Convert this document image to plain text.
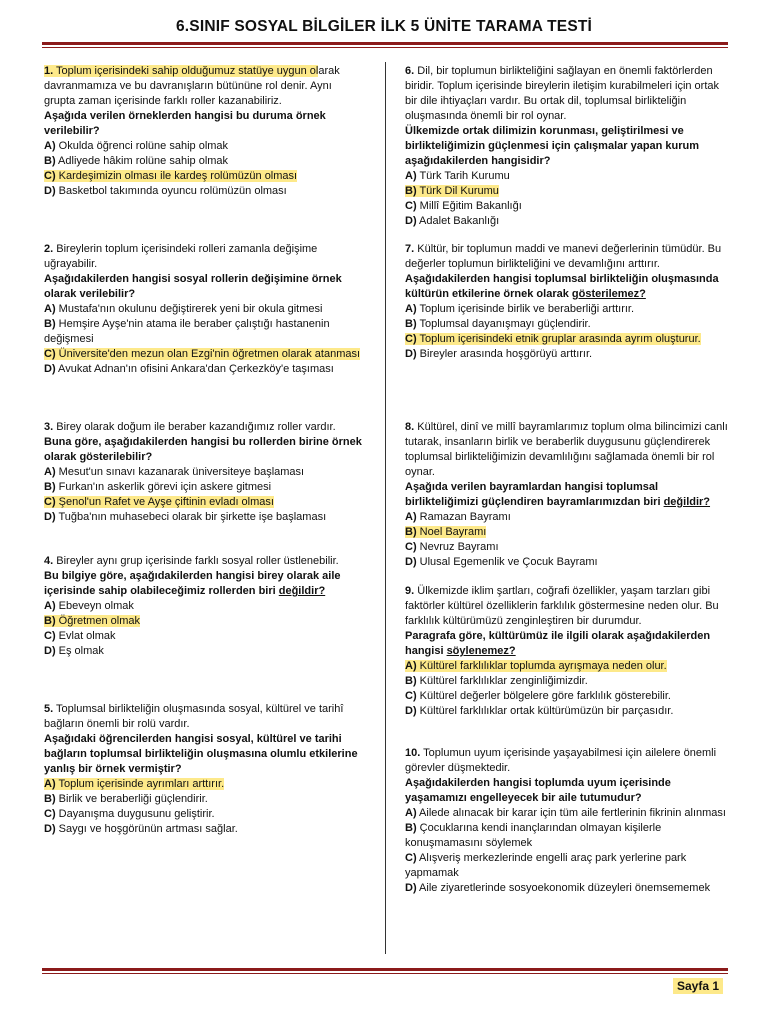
6.SINIF SOSYAL BİLGİLER İLK 5 ÜNİTE TARAMA TESTİ

1. Toplum içerisindeki sahip olduğumuz statüye uygun olarak davranmamıza ve bu davranışların bütününe rol denir. Aynı grupta zaman içerisinde farklı roller kazanabiliriz.

Aşağıda verilen örneklerden hangisi bu duruma örnek verilebilir?

A) Okulda öğrenci rolüne sahip olmak

B) Adliyede hâkim rolüne sahip olmak

C) Kardeşimizin olması ile kardeş rolümüzün olması

D) Basketbol takımında oyuncu rolümüzün olması

2. Bireylerin toplum içerisindeki rolleri zamanla değişime uğrayabilir.

Aşağıdakilerden hangisi sosyal rollerin değişimine örnek olarak verilebilir?

A) Mustafa'nın okulunu değiştirerek yeni bir okula gitmesi

B) Hemşire Ayşe'nin atama ile beraber çalıştığı hastanenin değişmesi

C) Üniversite'den mezun olan Ezgi'nin öğretmen olarak atanması

D) Avukat Adnan'ın ofisini Ankara'dan Çerkezköy'e taşıması

3. Birey olarak doğum ile beraber kazandığımız roller vardır.

Buna göre, aşağıdakilerden hangisi bu rollerden birine örnek olarak gösterilebilir?

A) Mesut'un sınavı kazanarak üniversiteye başlaması

B) Furkan'ın askerlik görevi için askere gitmesi

C) Şenol'un Rafet ve Ayşe çiftinin evladı olması

D) Tuğba'nın muhasebeci olarak bir şirkette işe başlaması

4. Bireyler aynı grup içerisinde farklı sosyal roller üstlenebilir.

Bu bilgiye göre, aşağıdakilerden hangisi birey olarak aile içerisinde sahip olabileceğimiz rollerden biri değildir?

A) Ebeveyn olmak

B) Öğretmen olmak

C) Evlat olmak

D) Eş olmak

5. Toplumsal birlikteliğin oluşmasında sosyal, kültürel ve tarihî bağların önemli bir rolü vardır.

Aşağıdaki öğrencilerden hangisi sosyal, kültürel ve tarihi bağların toplumsal birlikteliğin oluşmasına olumlu etkilerine yanlış bir örnek vermiştir?

A) Toplum içerisinde ayrımları arttırır.

B) Birlik ve beraberliği güçlendirir.

C) Dayanışma duygusunu geliştirir.

D) Saygı ve hoşgörünün artması sağlar.

6. Dil, bir toplumun birlikteliğini sağlayan en önemli faktörlerden biridir. Toplum içerisinde bireylerin iletişim kurabilmeleri için ortak bir dile ihtiyaçları vardır. Bu ortak dil, toplumsal birlikteliğin oluşmasında önemli bir rol oynar.

Ülkemizde ortak dilimizin korunması, geliştirilmesi ve birlikteliğimizin güçlenmesi için çalışmalar yapan kurum aşağıdakilerden hangisidir?

A) Türk Tarih Kurumu

B) Türk Dil Kurumu

C) Millî Eğitim Bakanlığı

D) Adalet Bakanlığı

7. Kültür, bir toplumun maddi ve manevi değerlerinin tümüdür. Bu değerler toplumun birlikteliğini ve devamlığını arttırır.

Aşağıdakilerden hangisi toplumsal birlikteliğin oluşmasında kültürün etkilerine örnek olarak gösterilemez?

A) Toplum içerisinde birlik ve beraberliği arttırır.

B) Toplumsal dayanışmayı güçlendirir.

C) Toplum içerisindeki etnik gruplar arasında ayrım oluşturur.

D) Bireyler arasında hoşgörüyü arttırır.

8. Kültürel, dinî ve millî bayramlarımız toplum olma bilincimizi canlı tutarak, insanların birlik ve beraberlik duygusunu güçlendirerek toplumsal birlikteliğimizin devamlılığını sağlamada önemli bir rol oynar.

Aşağıda verilen bayramlardan hangisi toplumsal birlikteliğimizi güçlendiren bayramlarımızdan biri değildir?

A) Ramazan Bayramı

B) Noel Bayramı

C) Nevruz Bayramı

D) Ulusal Egemenlik ve Çocuk Bayramı

9. Ülkemizde iklim şartları, coğrafi özellikler, yaşam tarzları gibi faktörler kültürel özelliklerin farklılık göstermesine neden olur. Bu farklılık kültürümüzü zenginleştiren bir durumdur.

Paragrafa göre, kültürümüz ile ilgili olarak aşağıdakilerden hangisi söylenemez?

A) Kültürel farklılıklar toplumda ayrışmaya neden olur.

B) Kültürel farklılıklar zenginliğimizdir.

C) Kültürel değerler bölgelere göre farklılık gösterebilir.

D) Kültürel farklılıklar ortak kültürümüzün bir parçasıdır.

10. Toplumun uyum içerisinde yaşayabilmesi için ailelere önemli görevler düşmektedir.

Aşağıdakilerden hangisi toplumda uyum içerisinde yaşamamızı engelleyecek bir aile tutumudur?

A) Ailede alınacak bir karar için tüm aile fertlerinin fikrinin alınması

B) Çocuklarına kendi inançlarından olmayan kişilerle konuşmamasını söylemek

C) Alışveriş merkezlerinde engelli araç park yerlerine park yapmamak

D) Aile ziyaretlerinde sosyoekonomik düzeyleri önemsememek

Sayfa 1
